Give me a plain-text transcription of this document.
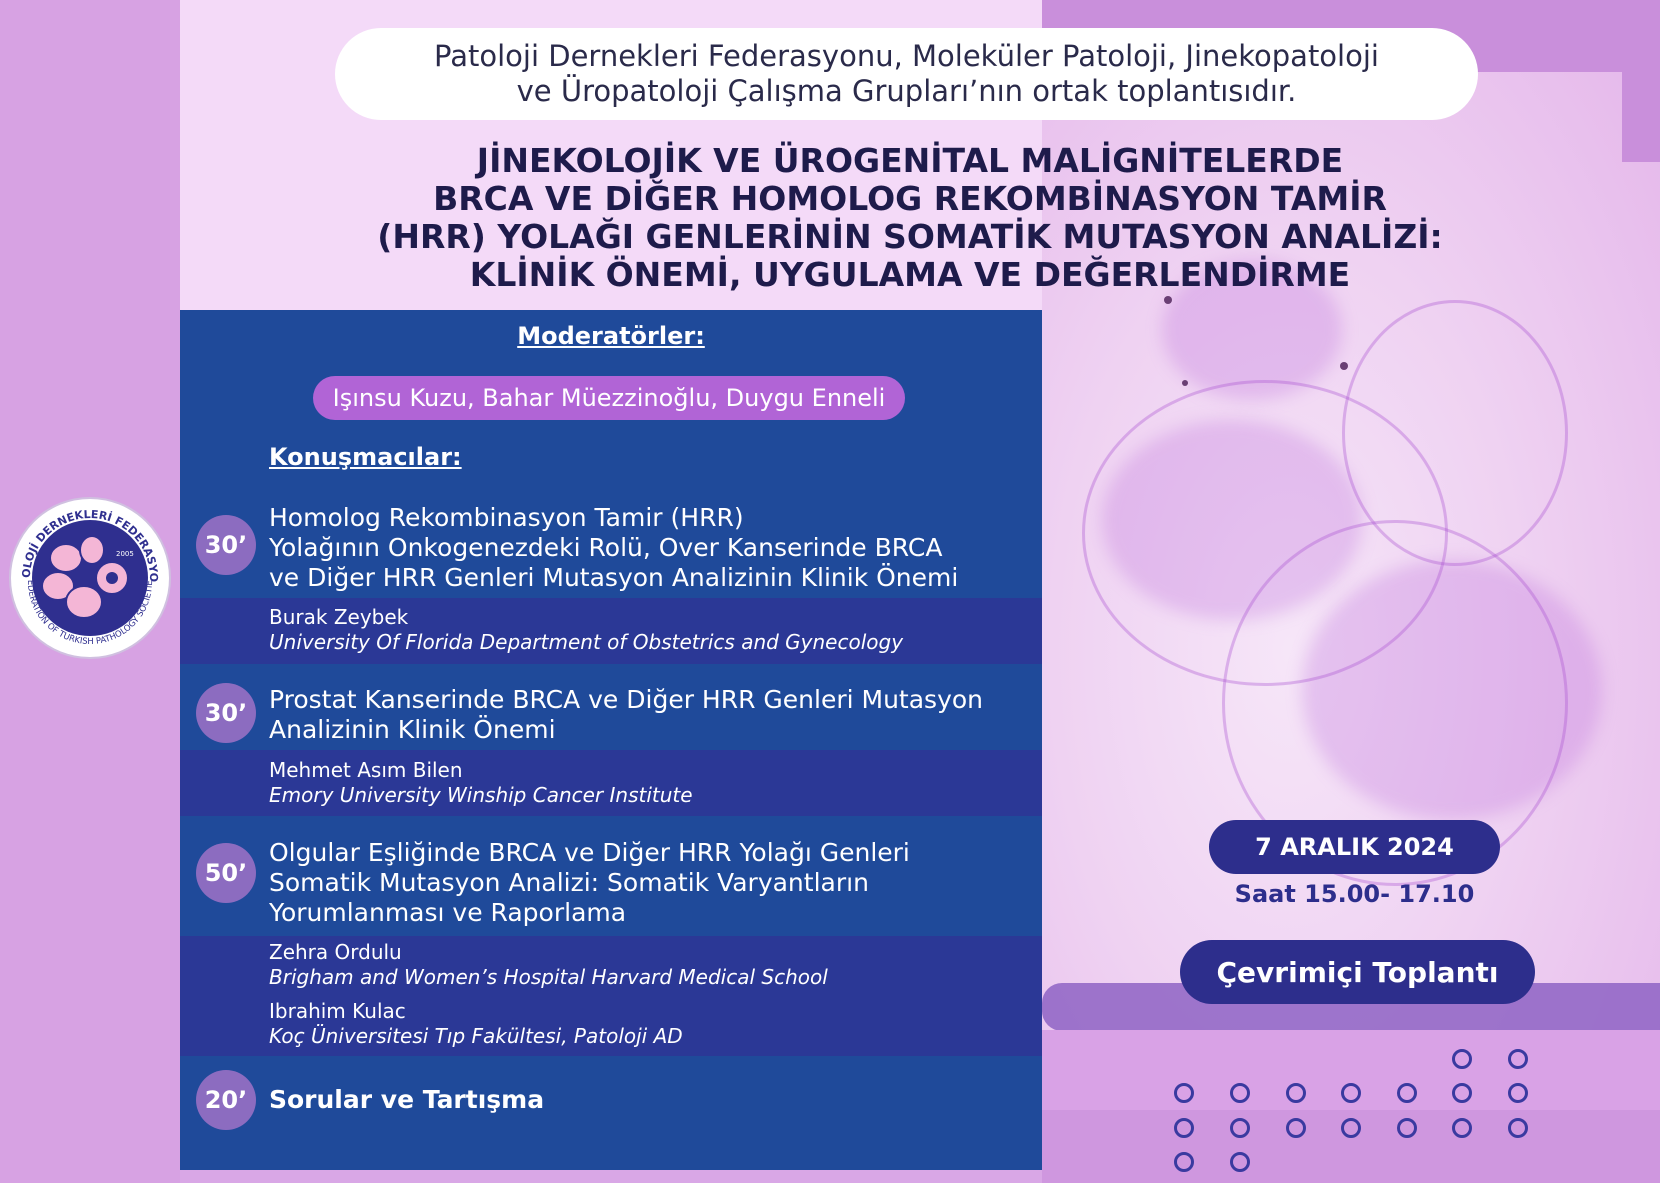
Patoloji Dernekleri Federasyonu, Moleküler Patoloji, Jinekopatoloji
ve Üropatoloji Çalışma Grupları’nın ortak toplantısıdır.
JİNEKOLOJİK VE ÜROGENİTAL MALİGNİTELERDE
BRCA VE DİĞER HOMOLOG REKOMBİNASYON TAMİR
(HRR) YOLAĞI GENLERİNİN SOMATİK MUTASYON ANALİZİ:
KLİNİK ÖNEMİ, UYGULAMA VE DEĞERLENDİRME
Moderatörler:
Işınsu Kuzu, Bahar Müezzinoğlu, Duygu Enneli
Konuşmacılar:
30’
Homolog Rekombinasyon Tamir (HRR)
Yolağının Onkogenezdeki Rolü, Over Kanserinde BRCA
ve Diğer HRR Genleri Mutasyon Analizinin Klinik Önemi
Burak Zeybek
University Of Florida Department of Obstetrics and Gynecology
30’ Prostat Kanserinde BRCA ve Diğer HRR Genleri Mutasyon
Analizinin Klinik Önemi
Mehmet Asım Bilen
Emory University Winship Cancer Institute
50’
Olgular Eşliğinde BRCA ve Diğer HRR Yolağı Genleri
Somatik Mutasyon Analizi: Somatik Varyantların
Yorumlanması ve Raporlama
Zehra Ordulu
Brigham and Women’s Hospital Harvard Medical School
Ibrahim Kulac
Koç Üniversitesi Tıp Fakültesi, Patoloji AD
20’ Sorular ve Tartışma
7 ARALIK 2024
Saat 15.00- 17.10
Çevrimiçi Toplantı
OLOJİ DERNEKLERİ FEDERASYO
EDERATION OF TURKISH PATHOLOGY SOCIETIE
2005
